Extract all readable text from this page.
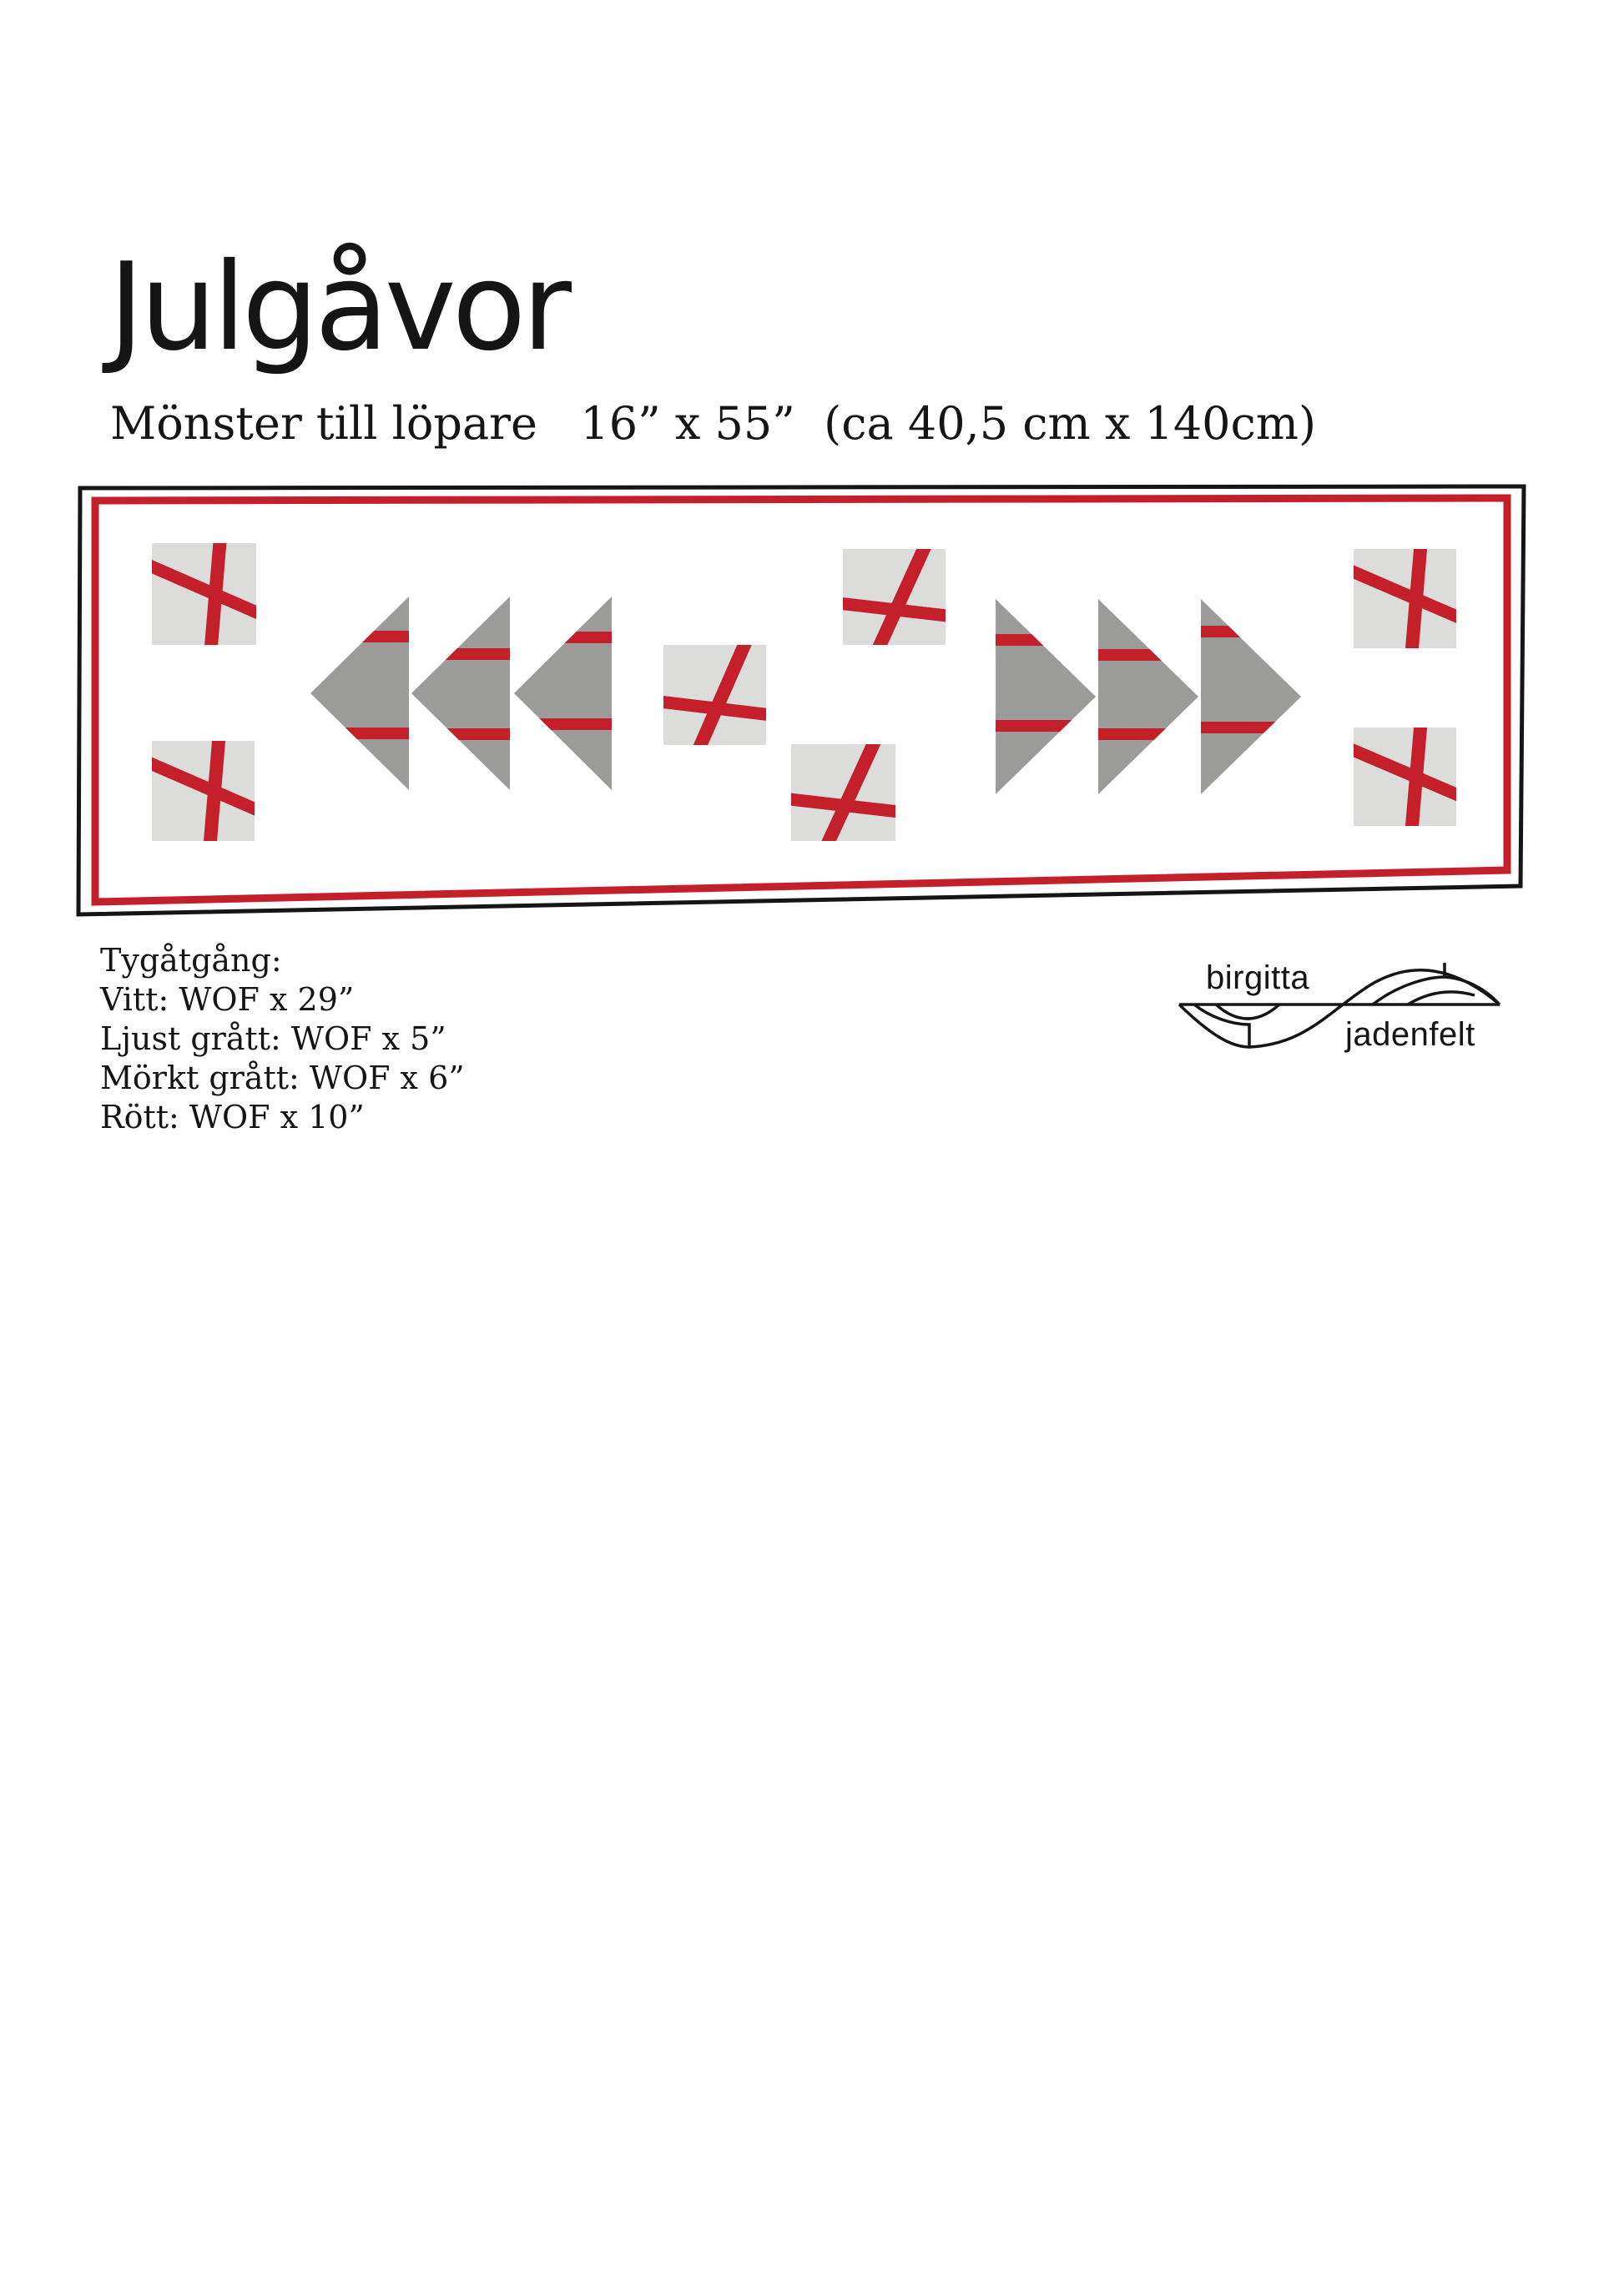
Julgåvor
Mönster till löpare   16” x 55”  (ca 40,5 cm x 140cm)
Tygåtgång:
Vitt: WOF x 29”
Ljust grått: WOF x 5”
Mörkt grått: WOF x 6”
Rött: WOF x 10”
birgitta
jadenfelt
